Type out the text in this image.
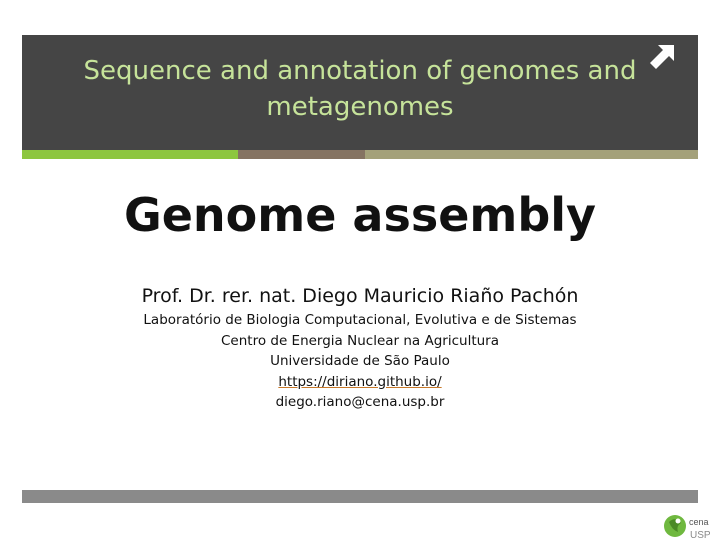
Sequence and annotation of genomes and
metagenomes
Genome assembly
Prof. Dr. rer. nat. Diego Mauricio Riaño Pachón
Laboratório de Biologia Computacional, Evolutiva e de Sistemas
Centro de Energia Nuclear na Agricultura
Universidade de São Paulo
https://diriano.github.io/
diego.riano@cena.usp.br
cena
USP
